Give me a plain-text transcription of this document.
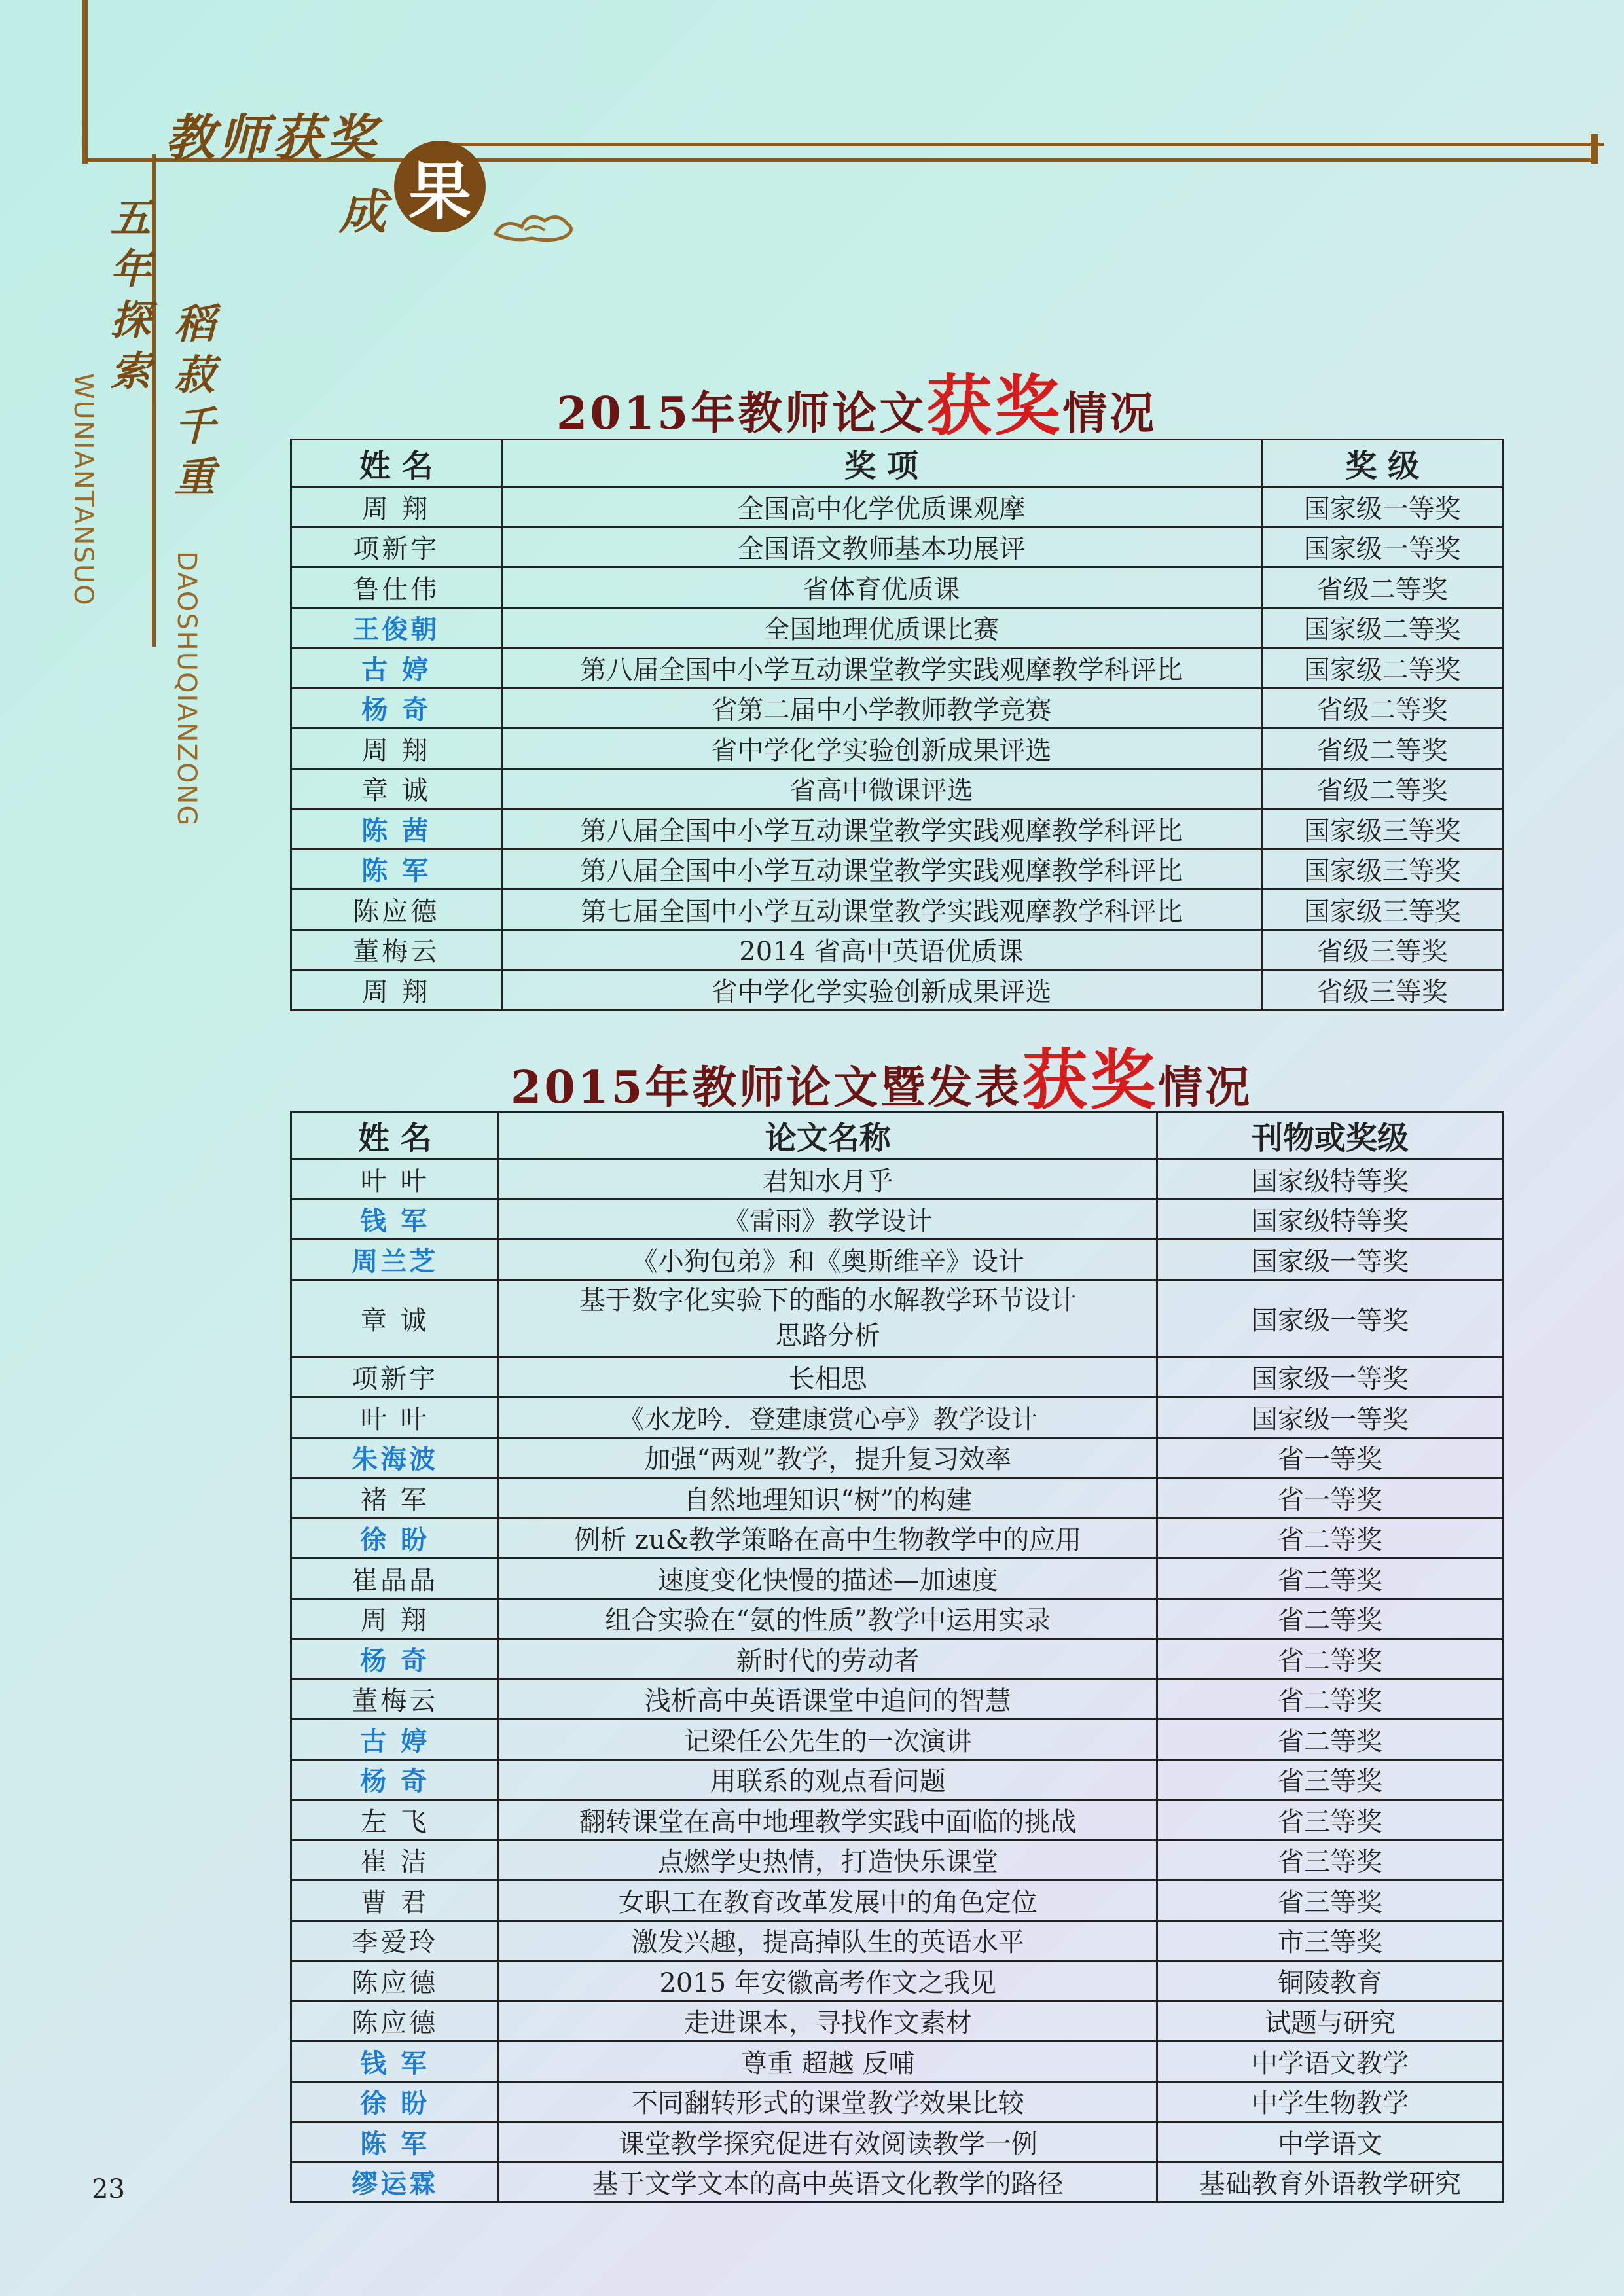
教师获奖
成 果
五年探索
稻菽千重
WUNIANTANSUO
DAOSHUQIANZONG
2015年教师论文获奖情况
姓 名	奖 项	奖 级
周 翔	全国高中化学优质课观摩	国家级一等奖
项新宇	全国语文教师基本功展评	国家级一等奖
鲁仕伟	省体育优质课	省级二等奖
王俊朝	全国地理优质课比赛	国家级二等奖
古 婷	第八届全国中小学互动课堂教学实践观摩教学科评比	国家级二等奖
杨 奇	省第二届中小学教师教学竞赛	省级二等奖
周 翔	省中学化学实验创新成果评选	省级二等奖
章 诚	省高中微课评选	省级二等奖
陈 茜	第八届全国中小学互动课堂教学实践观摩教学科评比	国家级三等奖
陈 军	第八届全国中小学互动课堂教学实践观摩教学科评比	国家级三等奖
陈应德	第七届全国中小学互动课堂教学实践观摩教学科评比	国家级三等奖
董梅云	2014 省高中英语优质课	省级三等奖
周 翔	省中学化学实验创新成果评选	省级三等奖
2015年教师论文暨发表获奖情况
姓 名	论文名称	刊物或奖级
叶 叶	君知水月乎	国家级特等奖
钱 军	《雷雨》教学设计	国家级特等奖
周兰芝	《小狗包弟》和《奥斯维辛》设计	国家级一等奖
章 诚	基于数字化实验下的酯的水解教学环节设计思路分析	国家级一等奖
项新宇	长相思	国家级一等奖
叶 叶	《水龙吟．登建康赏心亭》教学设计	国家级一等奖
朱海波	加强“两观”教学，提升复习效率	省一等奖
褚 军	自然地理知识“树”的构建	省一等奖
徐 盼	例析 zu&教学策略在高中生物教学中的应用	省二等奖
崔晶晶	速度变化快慢的描述—加速度	省二等奖
周 翔	组合实验在“氨的性质”教学中运用实录	省二等奖
杨 奇	新时代的劳动者	省二等奖
董梅云	浅析高中英语课堂中追问的智慧	省二等奖
古 婷	记梁任公先生的一次演讲	省二等奖
杨 奇	用联系的观点看问题	省三等奖
左 飞	翻转课堂在高中地理教学实践中面临的挑战	省三等奖
崔 洁	点燃学史热情，打造快乐课堂	省三等奖
曹 君	女职工在教育改革发展中的角色定位	省三等奖
李爱玲	激发兴趣，提高掉队生的英语水平	市三等奖
陈应德	2015 年安徽高考作文之我见	铜陵教育
陈应德	走进课本，寻找作文素材	试题与研究
钱 军	尊重 超越 反哺	中学语文教学
徐 盼	不同翻转形式的课堂教学效果比较	中学生物教学
陈 军	课堂教学探究促进有效阅读教学一例	中学语文
缪运霖	基于文学文本的高中英语文化教学的路径	基础教育外语教学研究
23
